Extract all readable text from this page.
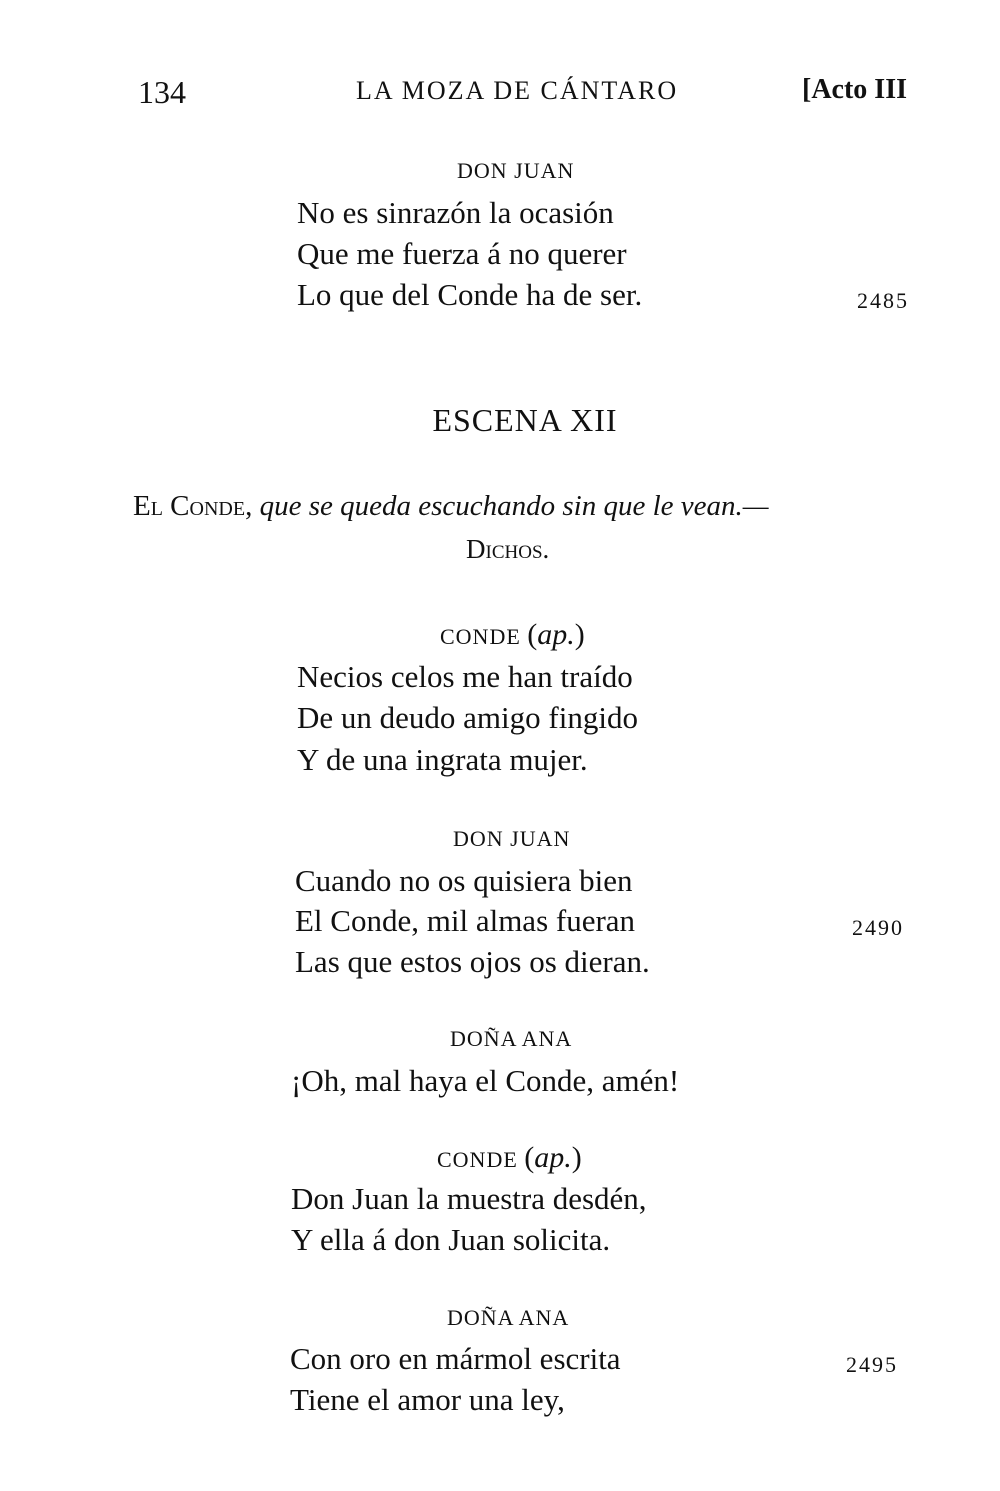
134	LA MOZA DE CÁNTARO	[Acto III
DON JUAN
No es sinrazón la ocasión
Que me fuerza á no querer
Lo que del Conde ha de ser.	2485
ESCENA XII
El Conde, que se queda escuchando sin que le vean.—
Dichos.
CONDE (ap.)
Necios celos me han traído
De un deudo amigo fingido
Y de una ingrata mujer.
DON JUAN
Cuando no os quisiera bien
El Conde, mil almas fueran
Las que estos ojos os dieran.
2490
DOÑA ANA
¡Oh, mal haya el Conde, amén!
CONDE (ap.)
Don Juan la muestra desdén,
Y ella á don Juan solicita.
DOÑA ANA
Con oro en mármol escrita
Tiene el amor una ley,
2495
